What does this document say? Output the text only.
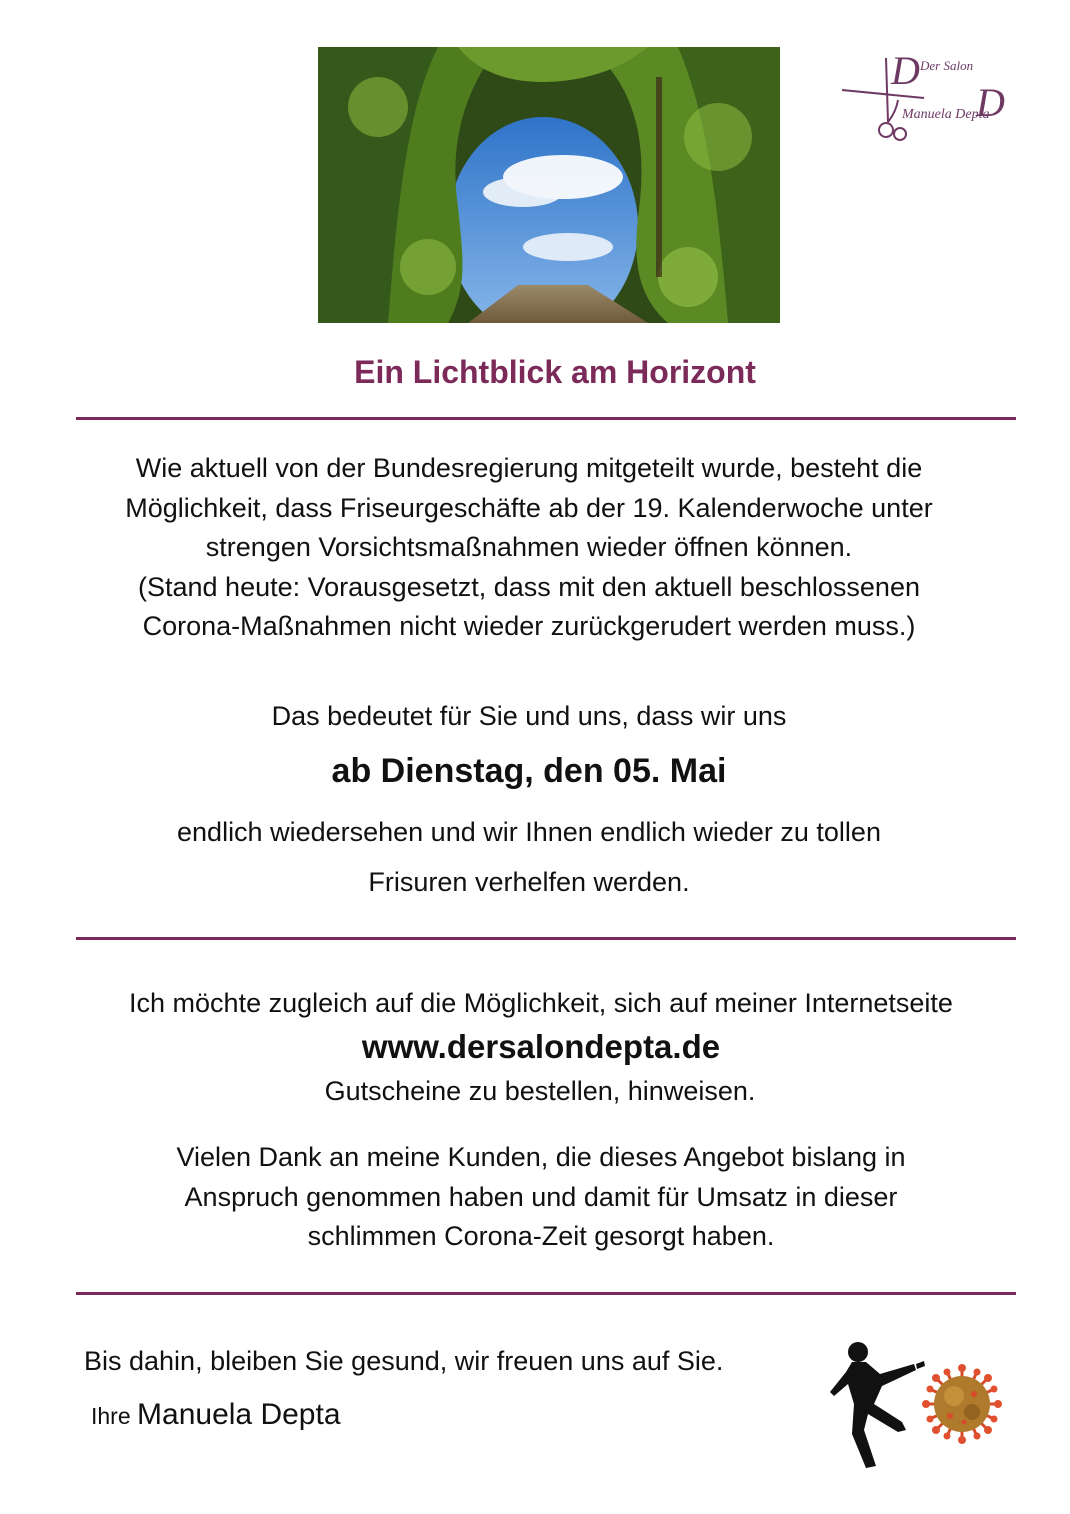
D
D
Der Salon
Manuela Depta
Ein Lichtblick am Horizont
Wie aktuell von der Bundesregierung mitgeteilt wurde, besteht die
Möglichkeit, dass Friseurgeschäfte ab der 19. Kalenderwoche unter
strengen Vorsichtsmaßnahmen wieder öffnen können.
(Stand heute: Vorausgesetzt, dass mit den aktuell beschlossenen
Corona-Maßnahmen nicht wieder zurückgerudert werden muss.)
Das bedeutet für Sie und uns, dass wir uns
ab Dienstag, den 05. Mai
endlich wiedersehen und wir Ihnen endlich wieder zu tollen
Frisuren verhelfen werden.
Ich möchte zugleich auf die Möglichkeit, sich auf meiner Internetseite
www.dersalondepta.de
Gutscheine zu bestellen, hinweisen.
Vielen Dank an meine Kunden, die dieses Angebot bislang in
Anspruch genommen haben und damit für Umsatz in dieser
schlimmen Corona-Zeit gesorgt haben.
Bis dahin, bleiben Sie gesund, wir freuen uns auf Sie.
Ihre Manuela Depta
